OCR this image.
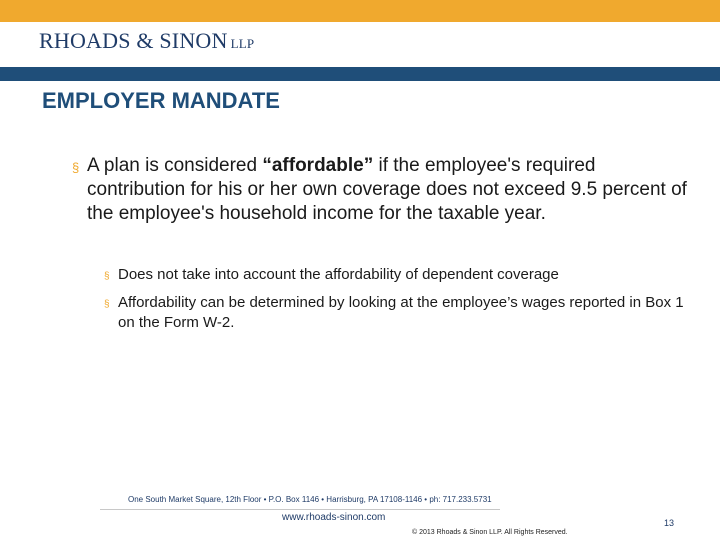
RHOADS & SINON LLP
EMPLOYER MANDATE
§ A plan is considered “affordable” if the employee's required contribution for his or her own coverage does not exceed 9.5 percent of the employee's household income for the taxable year.
§ Does not take into account the affordability of dependent coverage
§ Affordability can be determined by looking at the employee’s wages reported in Box 1 on the Form W-2.
One South Market Square, 12th Floor • P.O. Box 1146 • Harrisburg, PA 17108-1146 • ph: 717.233.5731
www.rhoads-sinon.com
© 2013 Rhoads & Sinon LLP. All Rights Reserved.
13
